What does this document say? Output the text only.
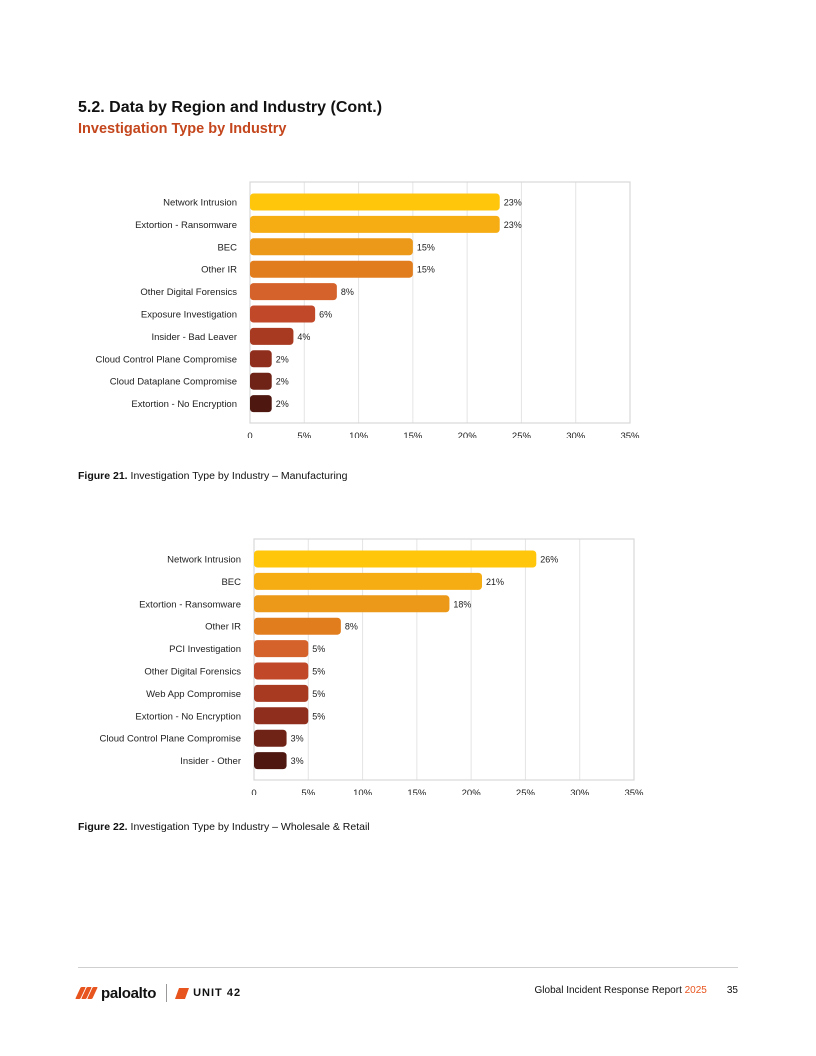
5.2. Data by Region and Industry (Cont.)
Investigation Type by Industry
0	5%	10%	15%	20%	25%	30%	35%
Network Intrusion	23%
Extortion - Ransomware	23%
BEC	15%
Other IR	15%
Other Digital Forensics	8%
Exposure Investigation	6%
Insider - Bad Leaver	4%
Cloud Control Plane Compromise	2%
Cloud Dataplane Compromise	2%
Extortion - No Encryption	2%

Figure 21. Investigation Type by Industry – Manufacturing

0	5%	10%	15%	20%	25%	30%	35%
Network Intrusion	26%
BEC	21%
Extortion - Ransomware	18%
Other IR	8%
PCI Investigation	5%
Other Digital Forensics	5%
Web App Compromise	5%
Extortion - No Encryption	5%
Cloud Control Plane Compromise	3%
Insider - Other	3%

Figure 22. Investigation Type by Industry – Wholesale & Retail

paloalto	UNIT 42	Global Incident Response Report 2025 35
